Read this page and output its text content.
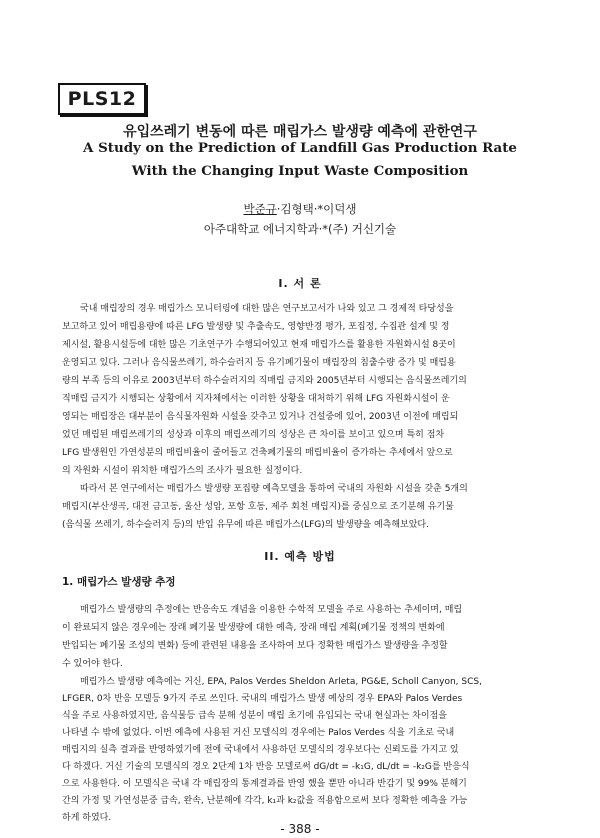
PLS12
유입쓰레기 변동에 따른 매립가스 발생량 예측에 관한연구
A Study on the Prediction of Landfill Gas Production Rate
With the Changing Input Waste Composition
박준규·김형택·*이덕생
아주대학교 에너지학과·*(주) 거신기술
I. 서 론
국내 매립장의 경우 매립가스 모니터링에 대한 많은 연구보고서가 나와 있고 그 경제적 타당성을
보고하고 있어 매립용량에 따른 LFG 발생량 및 추출속도, 영향반경 평가, 포집정, 수집관 설계 및 정
제시설, 활용시설등에 대한 많은 기초연구가 수행되어있고 현재 매립가스를 활용한 자원화시설 8곳이
운영되고 있다. 그러나 음식물쓰레기, 하수슬러지 등 유기폐기물이 매립장의 침출수량 증가 및 매립용
량의 부족 등의 이유로 2003년부터 하수슬러지의 직매립 금지와 2005년부터 시행되는 음식물쓰레기의
직매립 금지가 시행되는 상황에서 지자체에서는 이러한 상황을 대처하기 위해 LFG 자원화시설이 운
영되는 매립장은 대부분이 음식물자원화 시설을 갖추고 있거나 건설중에 있어, 2003년 이전에 매립되
었던 매립된 매립쓰레기의 성상과 이후의 매립쓰레기의 성상은 큰 차이를 보이고 있으며 특히 점차
LFG 발생원인 가연성분의 매립비율이 줄어들고 건축폐기물의 매립비율이 증가하는 추세에서 앞으로
의 자원화 시설이 위치한 매립가스의 조사가 필요한 실정이다.
따라서 본 연구에서는 매립가스 발생량 포집량 예측모델을 통하여 국내의 자원화 시설을 갖춘 5개의
매립지(부산생곡, 대전 금고동, 울산 성암, 포항 호동, 제주 회천 매립지)를 중심으로 조기분해 유기물
(음식물 쓰레기, 하수슬러지 등)의 반입 유무에 따른 매립가스(LFG)의 발생량을 예측해보았다.
II. 예측 방법
1. 매립가스 발생량 추정
매립가스 발생량의 추정에는 반응속도 개념을 이용한 수학적 모델을 주로 사용하는 추세이며, 매립
이 완료되지 않은 경우에는 장래 폐기물 발생량에 대한 예측, 장래 매립 계획(폐기물 정책의 변화에
반입되는 폐기물 조성의 변화) 등에 관련된 내용을 조사하여 보다 정확한 매립가스 발생량을 추정할
수 있어야 한다.
매립가스 발생량 예측에는 거신, EPA, Palos Verdes Sheldon Arleta, PG&E, Scholl Canyon, SCS,
LFGER, 0차 반응 모델등 9가지 주로 쓰인다. 국내의 매립가스 발생 예상의 경우 EPA와 Palos Verdes
식을 주로 사용하였지만, 음식물등 급속 분해 성분이 매립 초기에 유입되는 국내 현실과는 차이점을
나타낼 수 밖에 없었다. 이번 예측에 사용된 거신 모델식의 경우에는 Palos Verdes 식을 기초로 국내
매립지의 실측 결과를 반영하였기에 전에 국내에서 사용하던 모델식의 경우보다는 신뢰도를 가지고 있
다 하겠다. 거신 기술의 모델식의 경오 2단계 1차 반응 모델로써 dG/dt = -k₁G, dL/dt = -k₂G를 반응식
으로 사용한다. 이 모델식은 국내 각 매립장의 통계결과를 반영 했을 뿐만 아니라 반감기 및 99% 분해기
간의 가정 및 가연성분중 급속, 완속, 난분해에 각각, k₁과 k₂값을 적용함으로써 보다 정확한 예측을 가능
하게 하였다.
- 388 -
